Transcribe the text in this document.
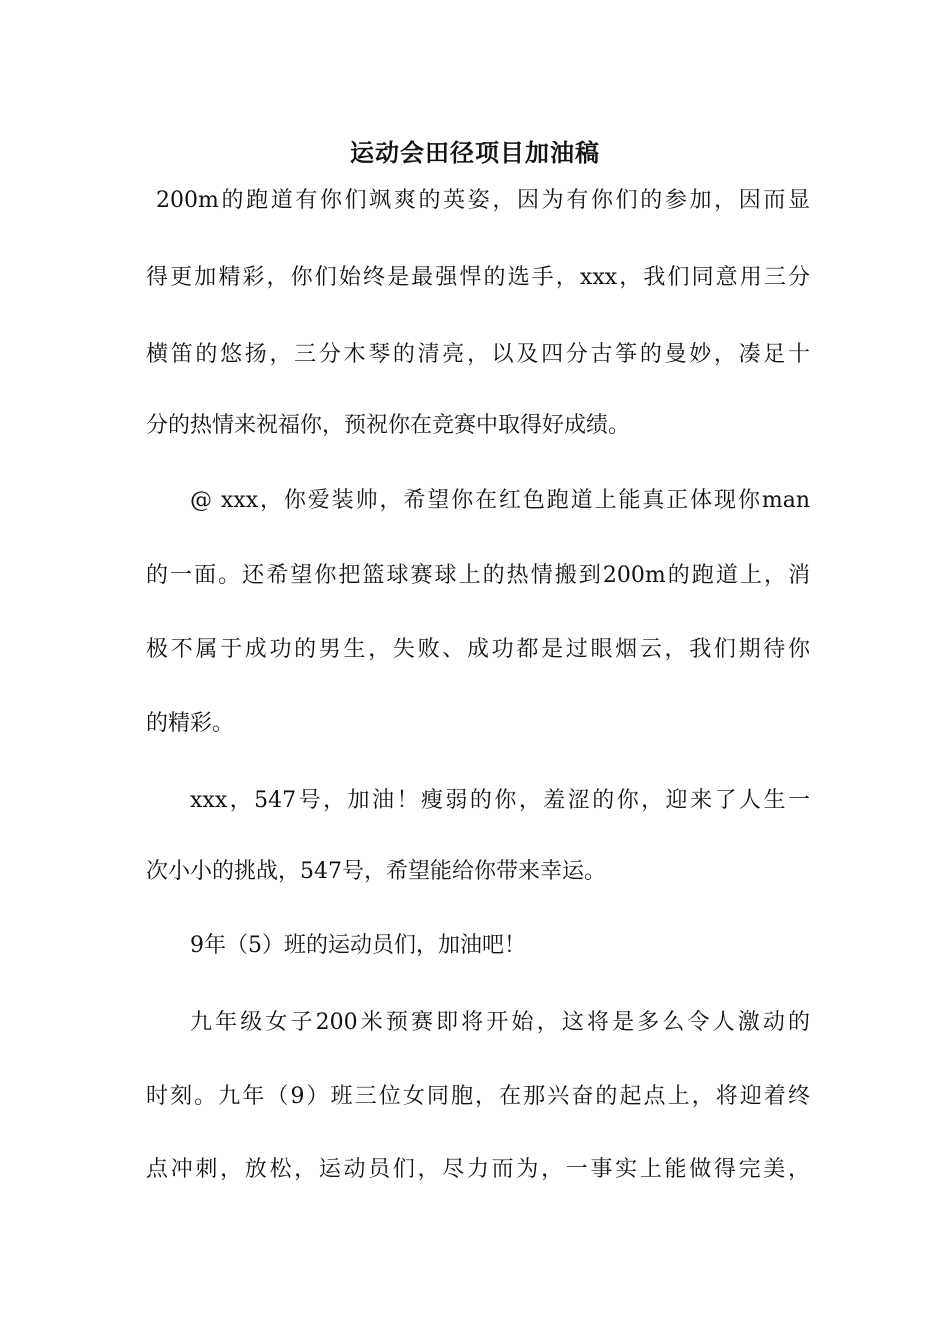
运动会田径项目加油稿

200m的跑道有你们飒爽的英姿，因为有你们的参加，因而显

得更加精彩，你们始终是最强悍的选手，xxx，我们同意用三分

横笛的悠扬，三分木琴的清亮，以及四分古筝的曼妙，凑足十

分的热情来祝福你，预祝你在竞赛中取得好成绩。

@ xxx，你爱装帅，希望你在红色跑道上能真正体现你man

的一面。还希望你把篮球赛球上的热情搬到200m的跑道上，消

极不属于成功的男生，失败、成功都是过眼烟云，我们期待你

的精彩。

xxx，547号，加油！瘦弱的你，羞涩的你，迎来了人生一

次小小的挑战，547号，希望能给你带来幸运。

9年（5）班的运动员们，加油吧！

九年级女子200米预赛即将开始，这将是多么令人激动的

时刻。九年（9）班三位女同胞，在那兴奋的起点上，将迎着终

点冲刺，放松，运动员们，尽力而为，一事实上能做得完美，
